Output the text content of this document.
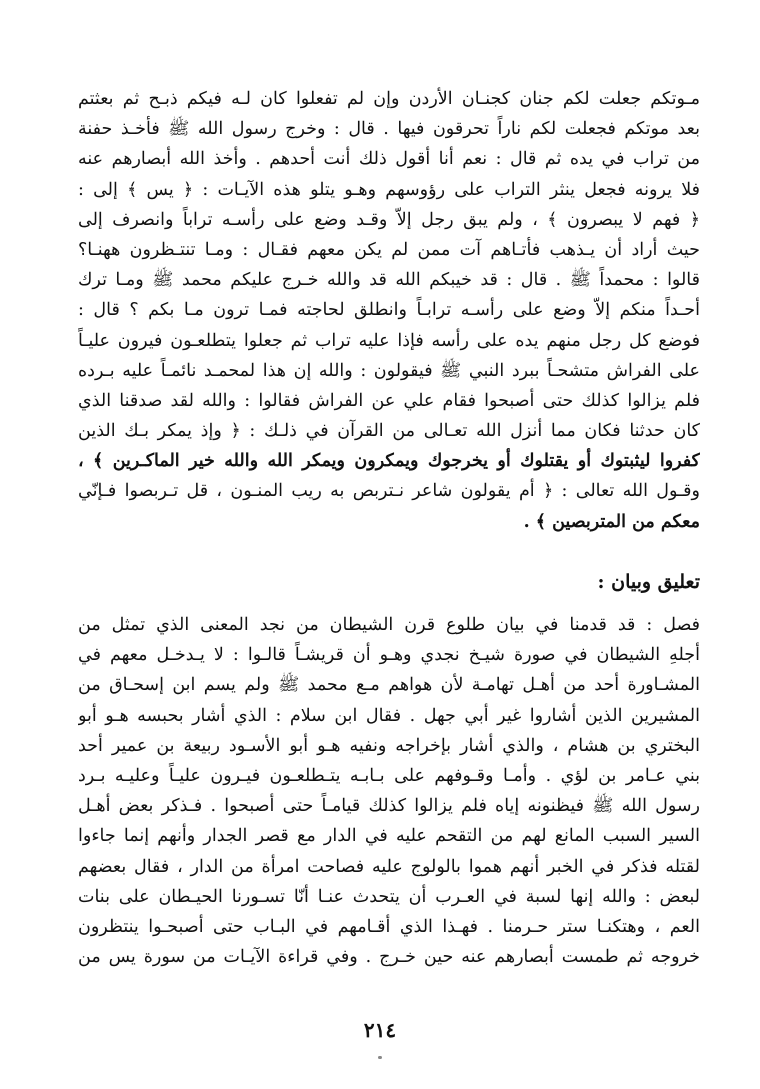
مـوتكم جعلت لكم جنان كجنـان الأردن وإن لم تفعلوا كان لـه فيكم ذبـح ثم بعثتم
بعد موتكم فجعلت لكم ناراً تحرقون فيها . قال : وخرج رسول الله ﷺ فأخـذ حفنة
من تراب في يده ثم قال : نعم أنا أقول ذلك أنت أحدهم . وأخذ الله أبصارهم عنه
فلا يرونه فجعل ينثر التراب على رؤوسهم وهـو يتلو هذه الآيـات : ﴿ يس ﴾ إلى :
﴿ فهم لا يبصرون ﴾ ، ولم يبق رجل إلاّ وقـد وضع على رأسـه تراباً وانصرف إلى
حيث أراد أن يـذهب فأتـاهم آت ممن لم يكن معهم فقـال : ومـا تنتـظرون ههنـا؟
قالوا : محمداً ﷺ . قال : قد خيبكم الله قد والله خـرج عليكم محمد ﷺ ومـا ترك
أحـداً منكم إلاّ وضع على رأسـه ترابـاً وانطلق لحاجته فمـا ترون مـا بكم ؟ قال :
فوضع كل رجل منهم يده على رأسه فإذا عليه تراب ثم جعلوا يتطلعـون فيرون عليـاً
على الفراش متشحـاً ببرد النبي ﷺ فيقولون : والله إن هذا لمحمـد نائمـاً عليه بـرده
فلم يزالوا كذلك حتى أصبحوا فقام علي عن الفراش فقالوا : والله لقد صدقنا الذي
كان حدثنا فكان مما أنزل الله تعـالى من القرآن في ذلـك : ﴿ وإذ يمكر بـك الذين
كفروا ليثبتوك أو يقتلوك أو يخرجوك ويمكرون ويمكر الله والله خير الماكـرين ﴾ ،
وقـول الله تعالى : ﴿ أم يقولون شاعر نـتربص به ريب المنـون ، قل تـربصوا فـإنّي
معكم من المتربصين ﴾ .
تعليق وبيان :
فصل : قد قدمنا في بيان طلوع قرن الشيطان من نجد المعنى الذي تمثل من
أجلهِ الشيطان في صورة شيـخ نجدي وهـو أن قريشـاً قالـوا : لا يـدخـل معهم في
المشـاورة أحد من أهـل تهامـة لأن هواهم مـع محمد ﷺ ولم يسم ابن إسحـاق من
المشيرين الذين أشاروا غير أبي جهل . فقال ابن سلام : الذي أشار بحبسه هـو أبو
البختري بن هشام ، والذي أشار بإخراجه ونفيه هـو أبو الأسـود ربيعة بن عمير أحد
بني عـامر بن لؤي . وأمـا وقـوفهم على بـابـه يتـطلعـون فيـرون عليـاً وعليـه بـرد
رسول الله ﷺ فيظنونه إياه فلم يزالوا كذلك قيامـاً حتى أصبحوا . فـذكر بعض أهـل
السير السبب المانع لهم من التقحم عليه في الدار مع قصر الجدار وأنهم إنما جاءوا
لقتله فذكر في الخبر أنهم هموا بالولوج عليه فصاحت امرأة من الدار ، فقال بعضهم
لبعض : والله إنها لسبة في العـرب أن يتحدث عنـا أنّا تسـورنا الحيـطان على بنات
العم ، وهتكنـا ستر حـرمنا . فهـذا الذي أقـامهم في البـاب حتى أصبحـوا ينتظرون
خروجه ثم طمست أبصارهم عنه حين خـرج . وفي قراءة الآيـات من سورة يس من
٢١٤
